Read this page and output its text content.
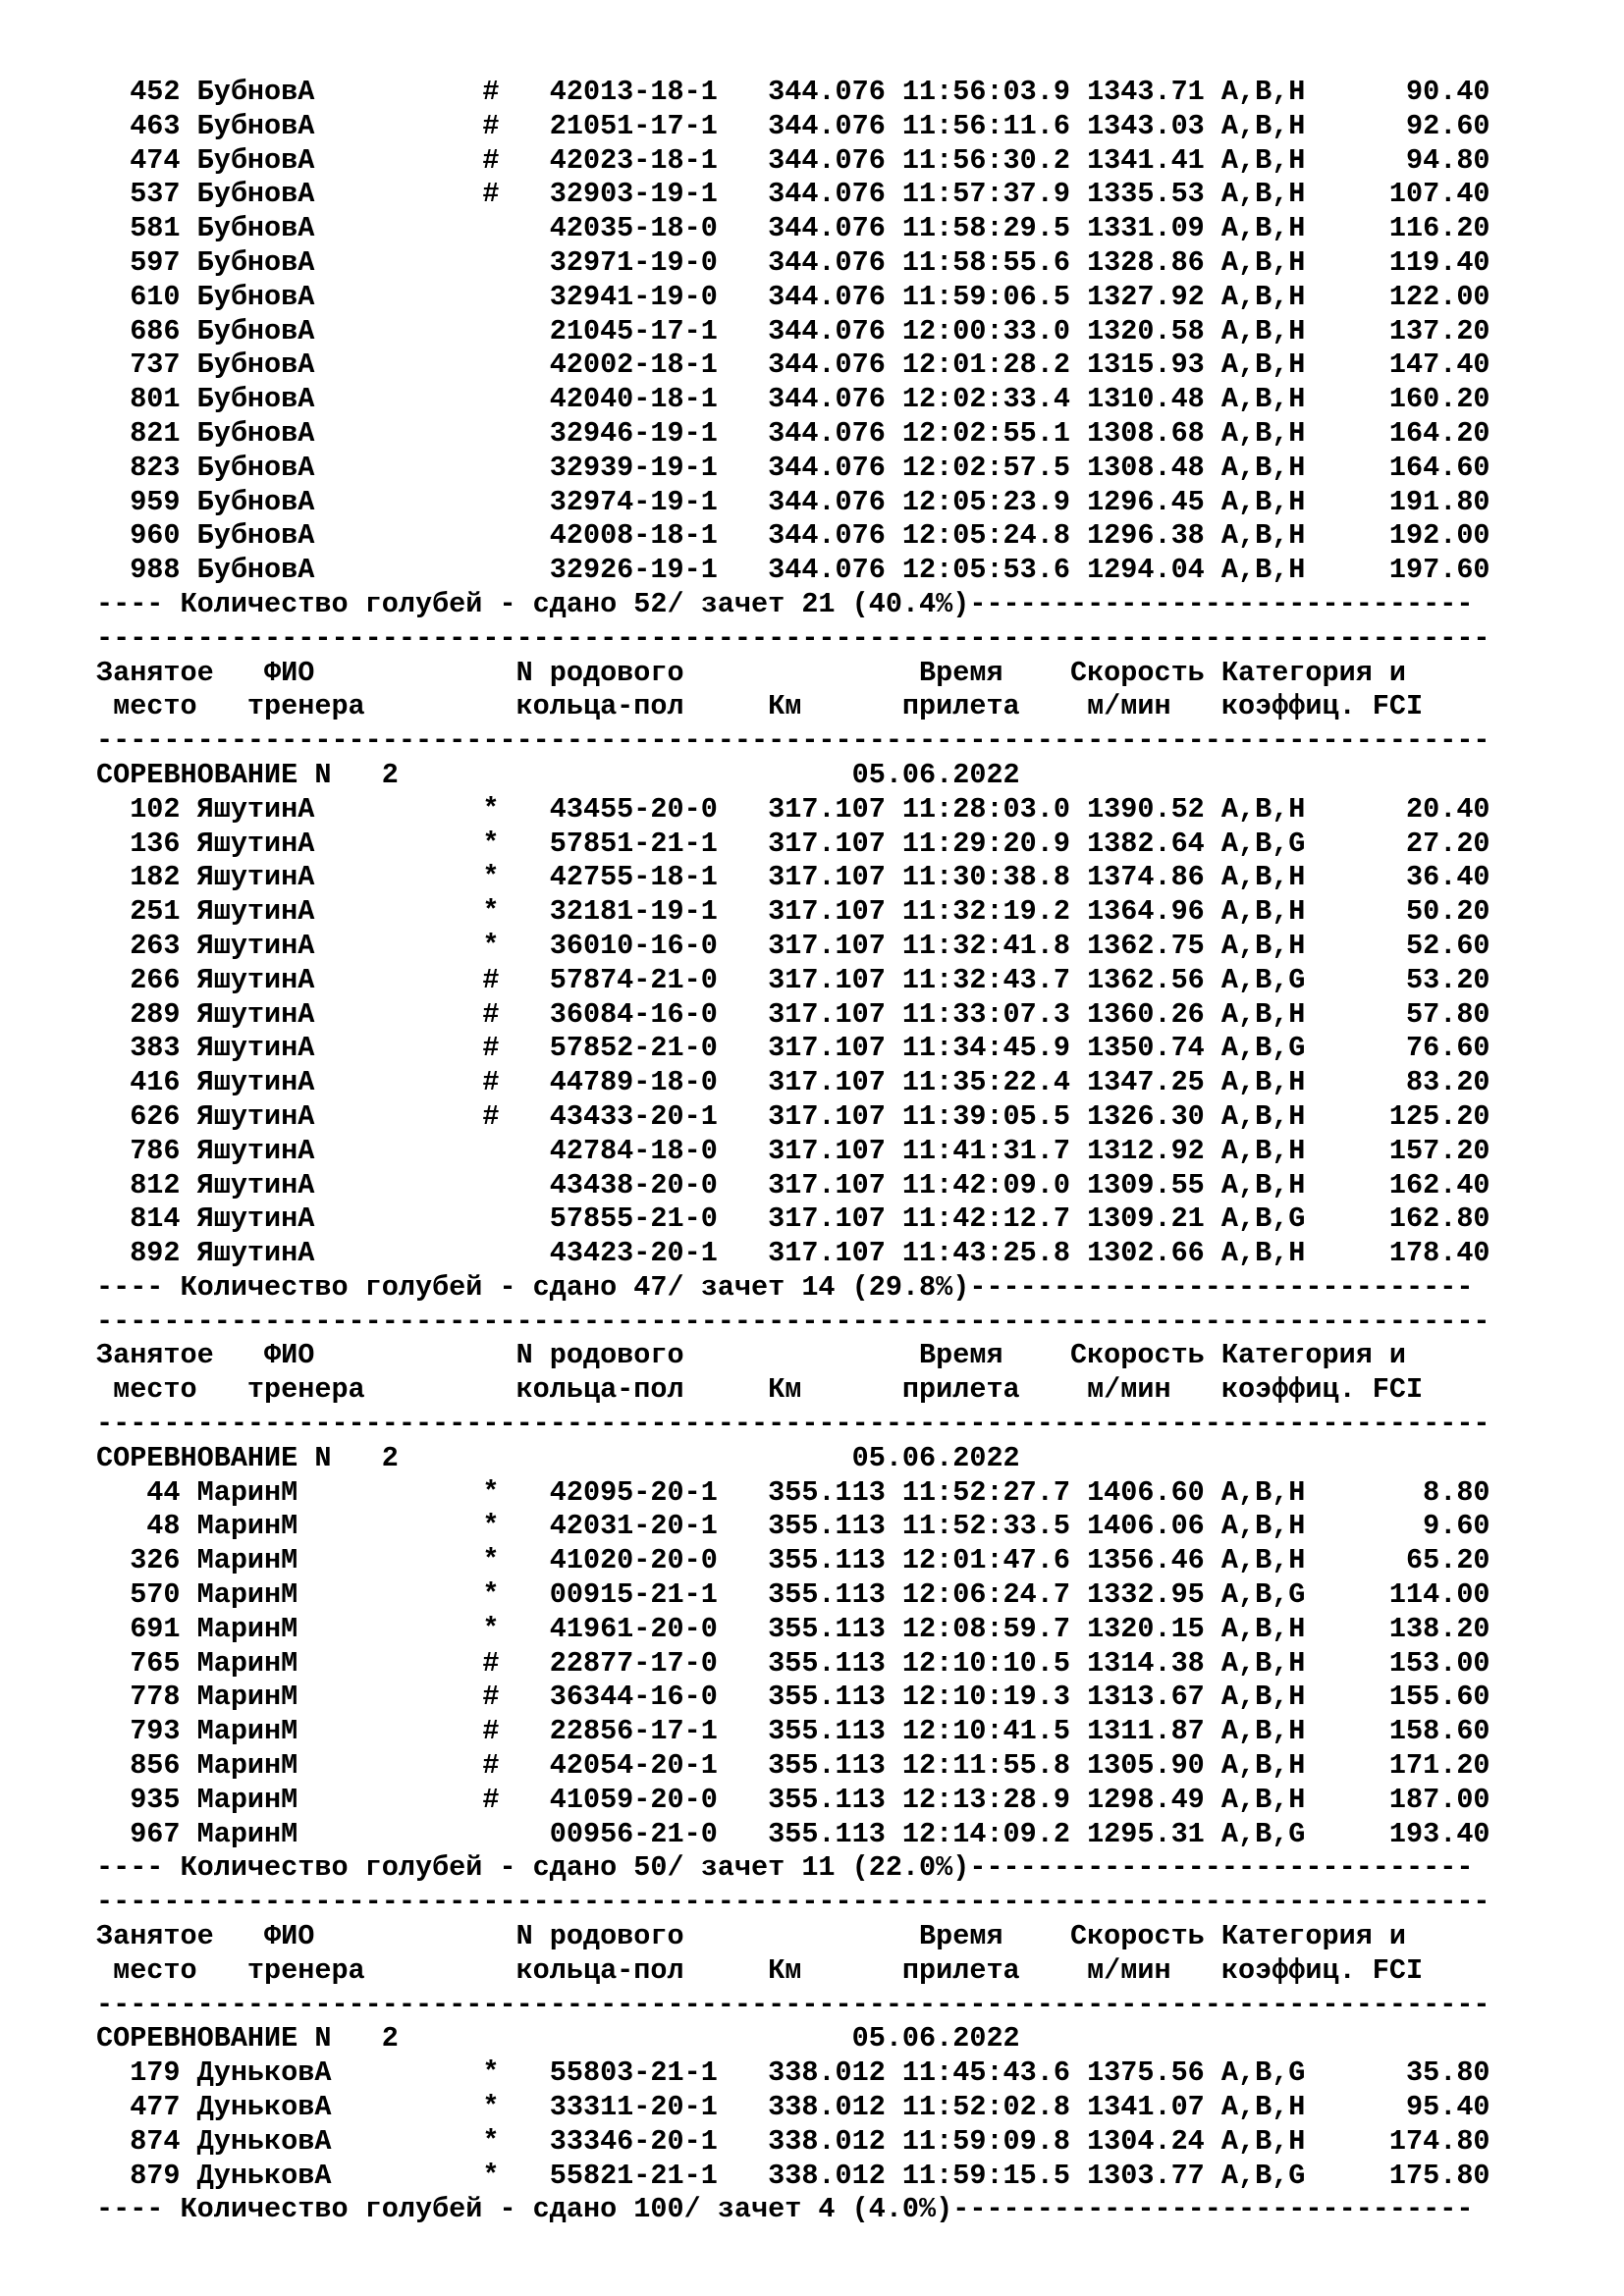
452 БубновА          #   42013-18-1   344.076 11:56:03.9 1343.71 A,B,H      90.40
463 БубновА          #   21051-17-1   344.076 11:56:11.6 1343.03 A,B,H      92.60
474 БубновА          #   42023-18-1   344.076 11:56:30.2 1341.41 A,B,H      94.80
537 БубновА          #   32903-19-1   344.076 11:57:37.9 1335.53 A,B,H     107.40
581 БубновА              42035-18-0   344.076 11:58:29.5 1331.09 A,B,H     116.20
597 БубновА              32971-19-0   344.076 11:58:55.6 1328.86 A,B,H     119.40
610 БубновА              32941-19-0   344.076 11:59:06.5 1327.92 A,B,H     122.00
686 БубновА              21045-17-1   344.076 12:00:33.0 1320.58 A,B,H     137.20
737 БубновА              42002-18-1   344.076 12:01:28.2 1315.93 A,B,H     147.40
801 БубновА              42040-18-1   344.076 12:02:33.4 1310.48 A,B,H     160.20
821 БубновА              32946-19-1   344.076 12:02:55.1 1308.68 A,B,H     164.20
823 БубновА              32939-19-1   344.076 12:02:57.5 1308.48 A,B,H     164.60
959 БубновА              32974-19-1   344.076 12:05:23.9 1296.45 A,B,H     191.80
960 БубновА              42008-18-1   344.076 12:05:24.8 1296.38 A,B,H     192.00
988 БубновА              32926-19-1   344.076 12:05:53.6 1294.04 A,B,H     197.60
---- Количество голубей - сдано 52/ зачет 21 (40.4%)------------------------------
-----------------------------------------------------------------------------------
Занятое   ФИО            N родового              Время    Скорость Категория и
место   тренера         кольца-пол     Км      прилета    м/мин   коэффиц. FCI
-----------------------------------------------------------------------------------
СОРЕВНОВАНИЕ N   2                           05.06.2022
102 ЯшутинА          *   43455-20-0   317.107 11:28:03.0 1390.52 A,B,H      20.40
136 ЯшутинА          *   57851-21-1   317.107 11:29:20.9 1382.64 A,B,G      27.20
182 ЯшутинА          *   42755-18-1   317.107 11:30:38.8 1374.86 A,B,H      36.40
251 ЯшутинА          *   32181-19-1   317.107 11:32:19.2 1364.96 A,B,H      50.20
263 ЯшутинА          *   36010-16-0   317.107 11:32:41.8 1362.75 A,B,H      52.60
266 ЯшутинА          #   57874-21-0   317.107 11:32:43.7 1362.56 A,B,G      53.20
289 ЯшутинА          #   36084-16-0   317.107 11:33:07.3 1360.26 A,B,H      57.80
383 ЯшутинА          #   57852-21-0   317.107 11:34:45.9 1350.74 A,B,G      76.60
416 ЯшутинА          #   44789-18-0   317.107 11:35:22.4 1347.25 A,B,H      83.20
626 ЯшутинА          #   43433-20-1   317.107 11:39:05.5 1326.30 A,B,H     125.20
786 ЯшутинА              42784-18-0   317.107 11:41:31.7 1312.92 A,B,H     157.20
812 ЯшутинА              43438-20-0   317.107 11:42:09.0 1309.55 A,B,H     162.40
814 ЯшутинА              57855-21-0   317.107 11:42:12.7 1309.21 A,B,G     162.80
892 ЯшутинА              43423-20-1   317.107 11:43:25.8 1302.66 A,B,H     178.40
---- Количество голубей - сдано 47/ зачет 14 (29.8%)------------------------------
-----------------------------------------------------------------------------------
Занятое   ФИО            N родового              Время    Скорость Категория и
место   тренера         кольца-пол     Км      прилета    м/мин   коэффиц. FCI
-----------------------------------------------------------------------------------
СОРЕВНОВАНИЕ N   2                           05.06.2022
44 МаринМ           *   42095-20-1   355.113 11:52:27.7 1406.60 A,B,H       8.80
48 МаринМ           *   42031-20-1   355.113 11:52:33.5 1406.06 A,B,H       9.60
326 МаринМ           *   41020-20-0   355.113 12:01:47.6 1356.46 A,B,H      65.20
570 МаринМ           *   00915-21-1   355.113 12:06:24.7 1332.95 A,B,G     114.00
691 МаринМ           *   41961-20-0   355.113 12:08:59.7 1320.15 A,B,H     138.20
765 МаринМ           #   22877-17-0   355.113 12:10:10.5 1314.38 A,B,H     153.00
778 МаринМ           #   36344-16-0   355.113 12:10:19.3 1313.67 A,B,H     155.60
793 МаринМ           #   22856-17-1   355.113 12:10:41.5 1311.87 A,B,H     158.60
856 МаринМ           #   42054-20-1   355.113 12:11:55.8 1305.90 A,B,H     171.20
935 МаринМ           #   41059-20-0   355.113 12:13:28.9 1298.49 A,B,H     187.00
967 МаринМ               00956-21-0   355.113 12:14:09.2 1295.31 A,B,G     193.40
---- Количество голубей - сдано 50/ зачет 11 (22.0%)------------------------------
-----------------------------------------------------------------------------------
Занятое   ФИО            N родового              Время    Скорость Категория и
место   тренера         кольца-пол     Км      прилета    м/мин   коэффиц. FCI
-----------------------------------------------------------------------------------
СОРЕВНОВАНИЕ N   2                           05.06.2022
179 ДуньковА         *   55803-21-1   338.012 11:45:43.6 1375.56 A,B,G      35.80
477 ДуньковА         *   33311-20-1   338.012 11:52:02.8 1341.07 A,B,H      95.40
874 ДуньковА         *   33346-20-1   338.012 11:59:09.8 1304.24 A,B,H     174.80
879 ДуньковА         *   55821-21-1   338.012 11:59:15.5 1303.77 A,B,G     175.80
---- Количество голубей - сдано 100/ зачет 4 (4.0%)-------------------------------
